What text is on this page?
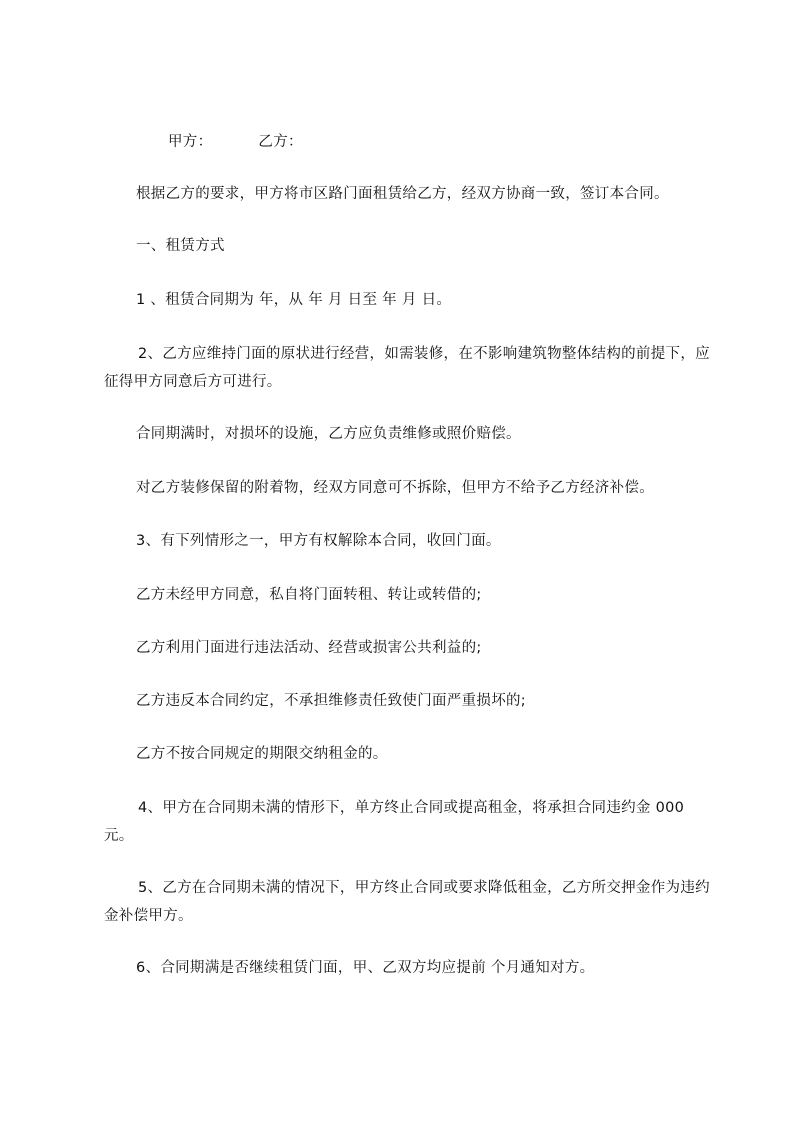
甲方：	乙方：

根据乙方的要求，甲方将市区路门面租赁给乙方，经双方协商一致，签订本合同。

一、租赁方式

1 、租赁合同期为 年，从 年 月 日至 年 月 日。

2、乙方应维持门面的原状进行经营，如需装修，在不影响建筑物整体结构的前提下，应征得甲方同意后方可进行。

合同期满时，对损坏的设施，乙方应负责维修或照价赔偿。

对乙方装修保留的附着物，经双方同意可不拆除，但甲方不给予乙方经济补偿。

3、有下列情形之一，甲方有权解除本合同，收回门面。

乙方未经甲方同意，私自将门面转租、转让或转借的;

乙方利用门面进行违法活动、经营或损害公共利益的;

乙方违反本合同约定，不承担维修责任致使门面严重损坏的;

乙方不按合同规定的期限交纳租金的。

4、甲方在合同期未满的情形下，单方终止合同或提高租金，将承担合同违约金 000 元。

5、乙方在合同期未满的情况下，甲方终止合同或要求降低租金，乙方所交押金作为违约金补偿甲方。

6、合同期满是否继续租赁门面，甲、乙双方均应提前 个月通知对方。
